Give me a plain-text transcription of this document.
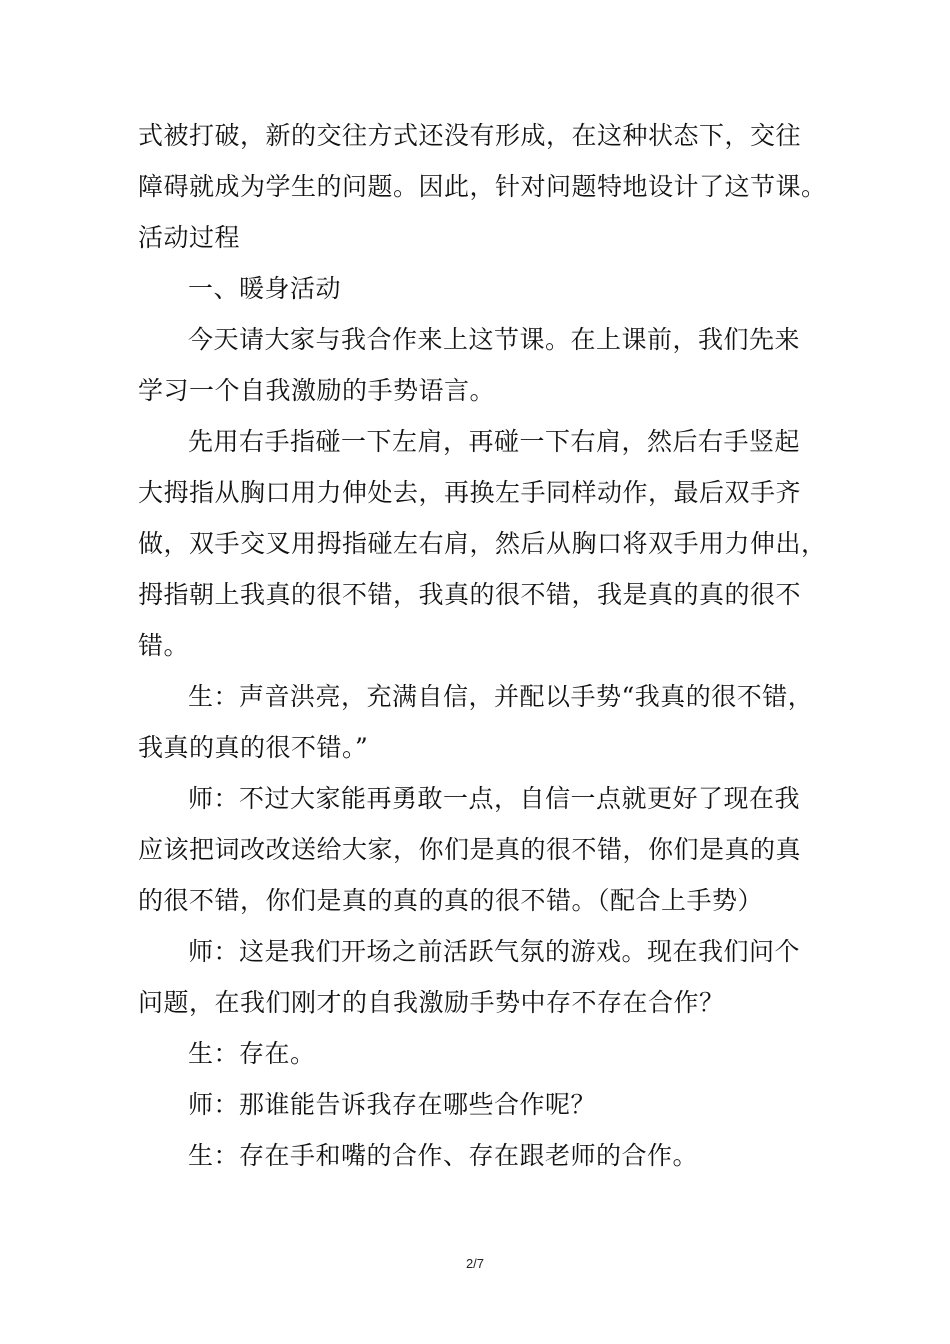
式被打破，新的交往方式还没有形成，在这种状态下，交往
障碍就成为学生的问题。因此，针对问题特地设计了这节课。
活动过程
一、暖身活动
今天请大家与我合作来上这节课。在上课前，我们先来
学习一个自我激励的手势语言。
先用右手指碰一下左肩，再碰一下右肩，然后右手竖起
大拇指从胸口用力伸处去，再换左手同样动作，最后双手齐
做，双手交叉用拇指碰左右肩，然后从胸口将双手用力伸出，
拇指朝上我真的很不错，我真的很不错，我是真的真的很不
错。
生：声音洪亮，充满自信，并配以手势“我真的很不错，
我真的真的很不错。”
师：不过大家能再勇敢一点，自信一点就更好了现在我
应该把词改改送给大家，你们是真的很不错，你们是真的真
的很不错，你们是真的真的真的很不错。（配合上手势）
师：这是我们开场之前活跃气氛的游戏。现在我们问个
问题，在我们刚才的自我激励手势中存不存在合作？
生：存在。
师：那谁能告诉我存在哪些合作呢？
生：存在手和嘴的合作、存在跟老师的合作。
2/7
